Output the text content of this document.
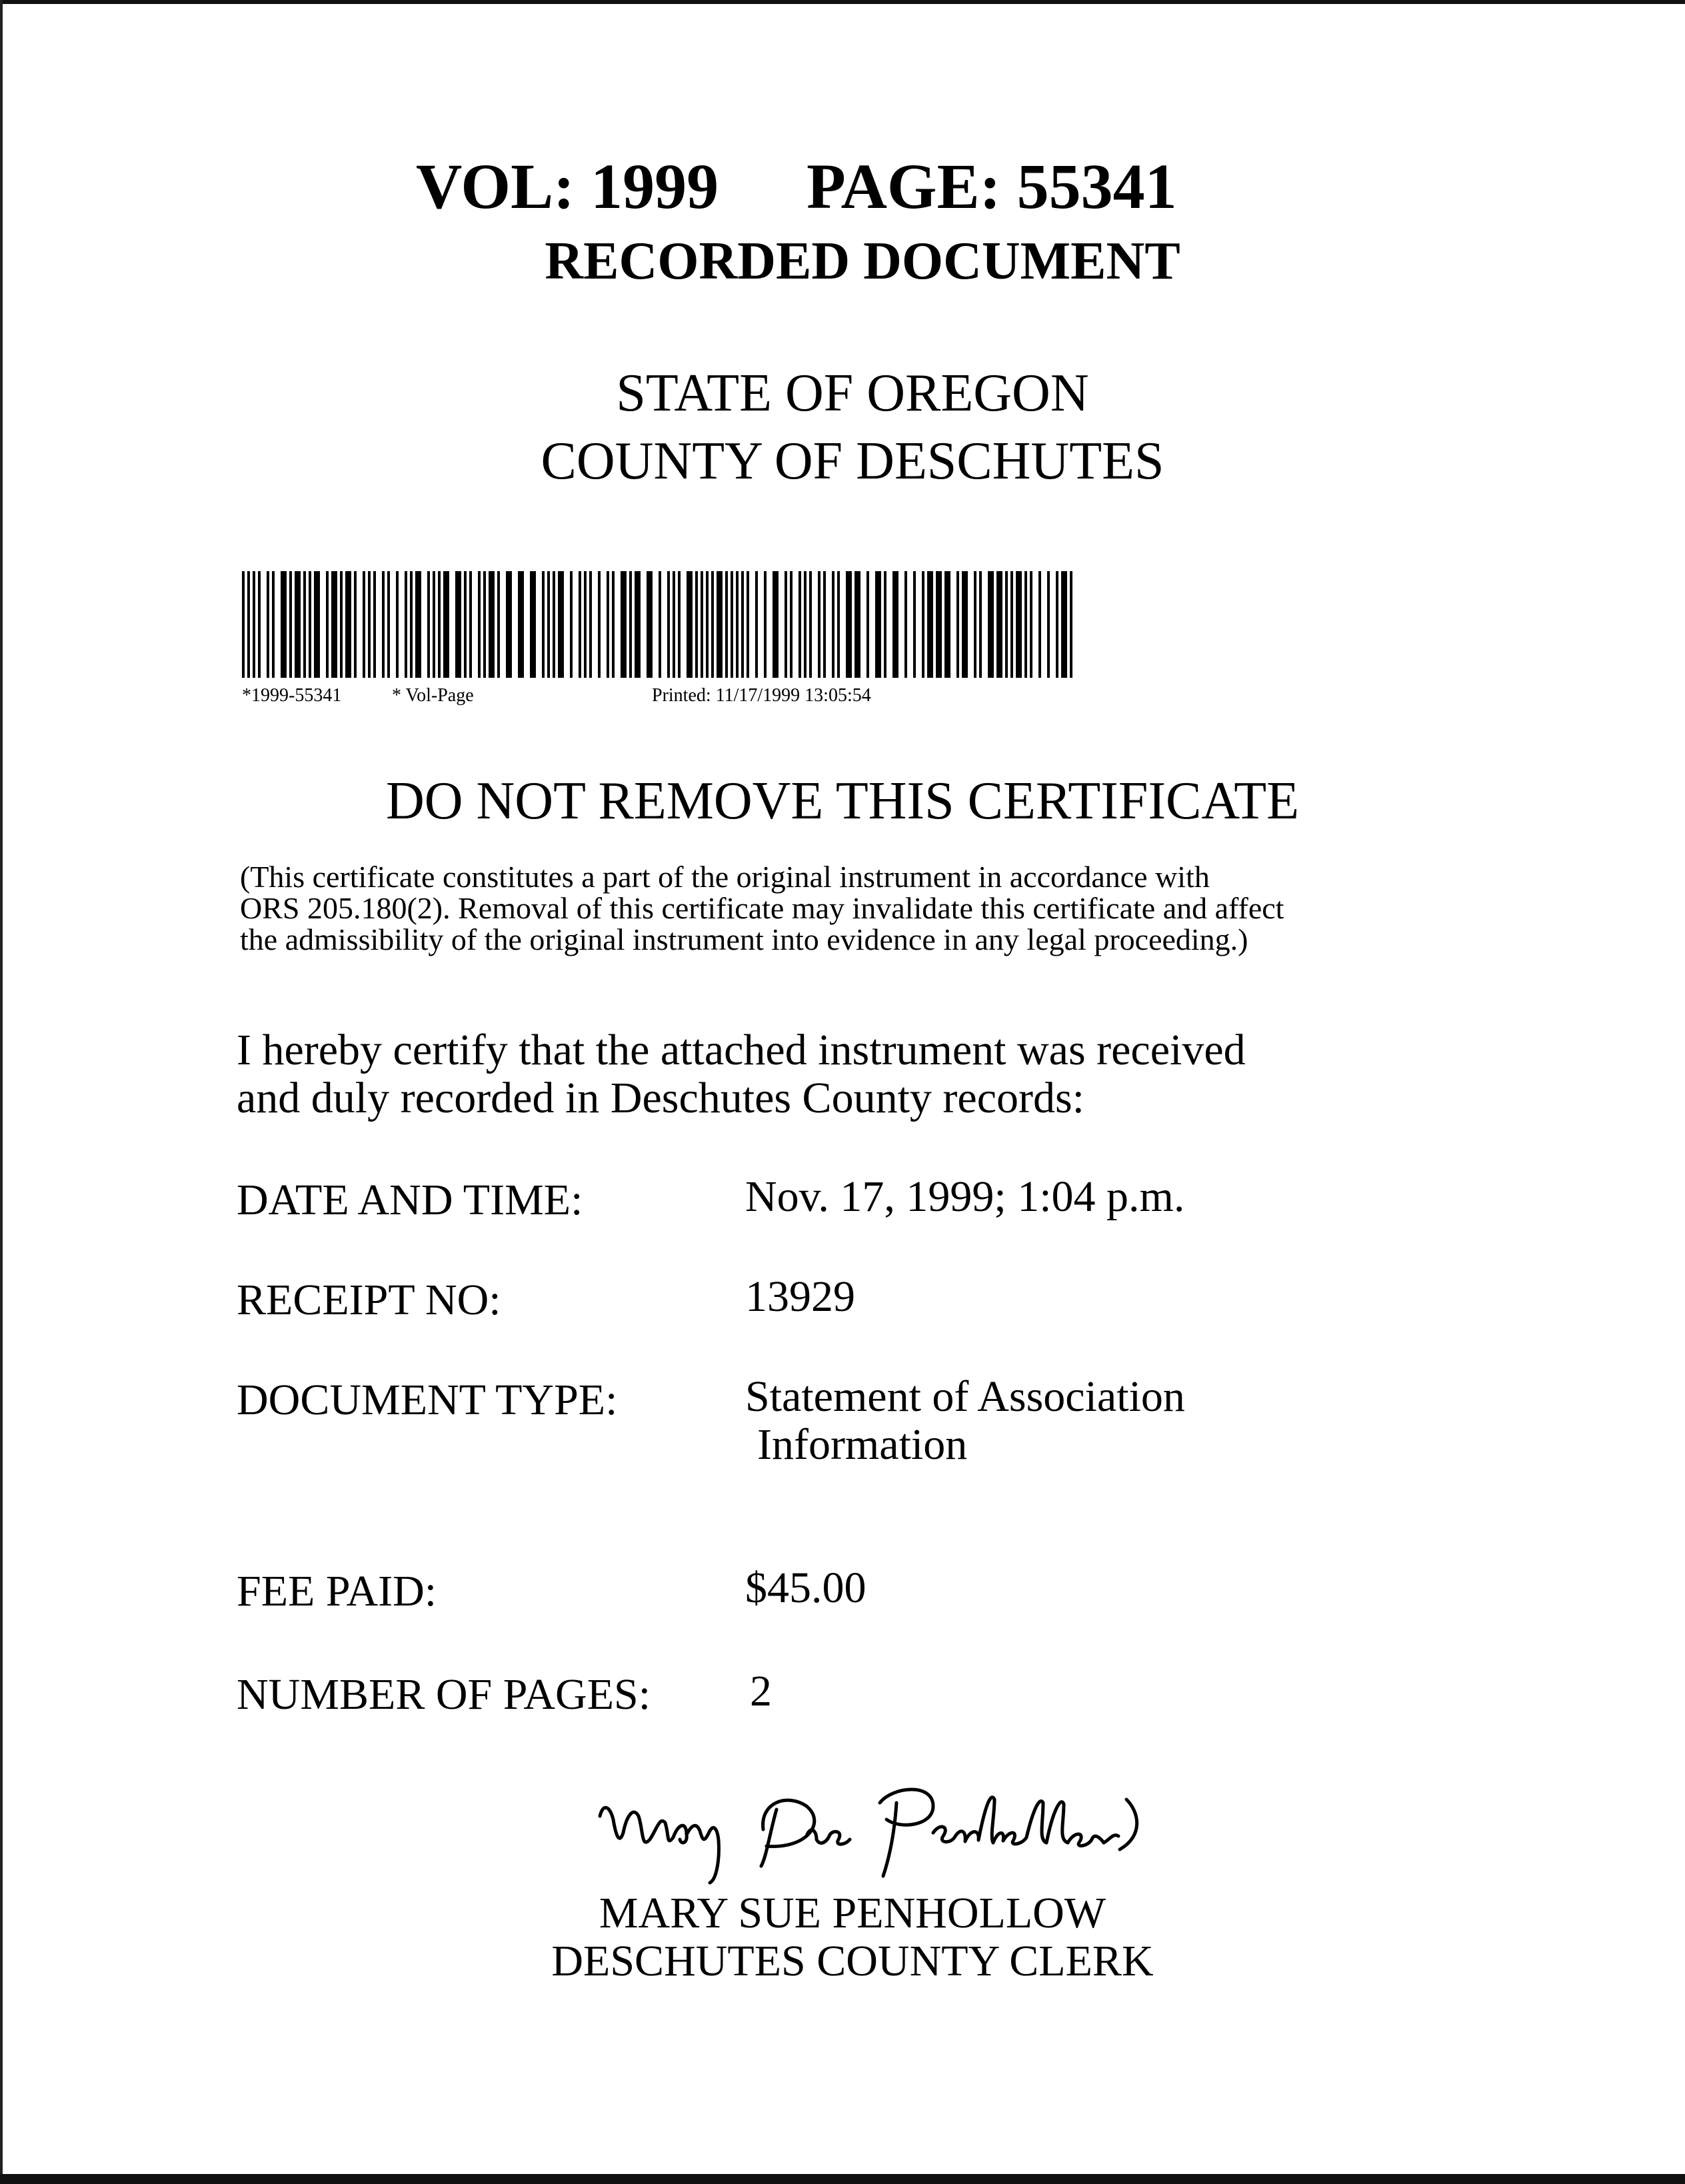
VOL: 1999 PAGE: 55341
RECORDED DOCUMENT
STATE OF OREGON
COUNTY OF DESCHUTES
*1999-55341	* Vol-Page	Printed: 11/17/1999 13:05:54
DO NOT REMOVE THIS CERTIFICATE
(This certificate constitutes a part of the original instrument in accordance with
ORS 205.180(2). Removal of this certificate may invalidate this certificate and affect
the admissibility of the original instrument into evidence in any legal proceeding.)
I hereby certify that the attached instrument was received
and duly recorded in Deschutes County records:
DATE AND TIME:	Nov. 17, 1999; 1:04 p.m.
RECEIPT NO:	13929
DOCUMENT TYPE:	Statement of Association
Information
FEE PAID:	$45.00
NUMBER OF PAGES: 2
MARY SUE PENHOLLOW
DESCHUTES COUNTY CLERK
